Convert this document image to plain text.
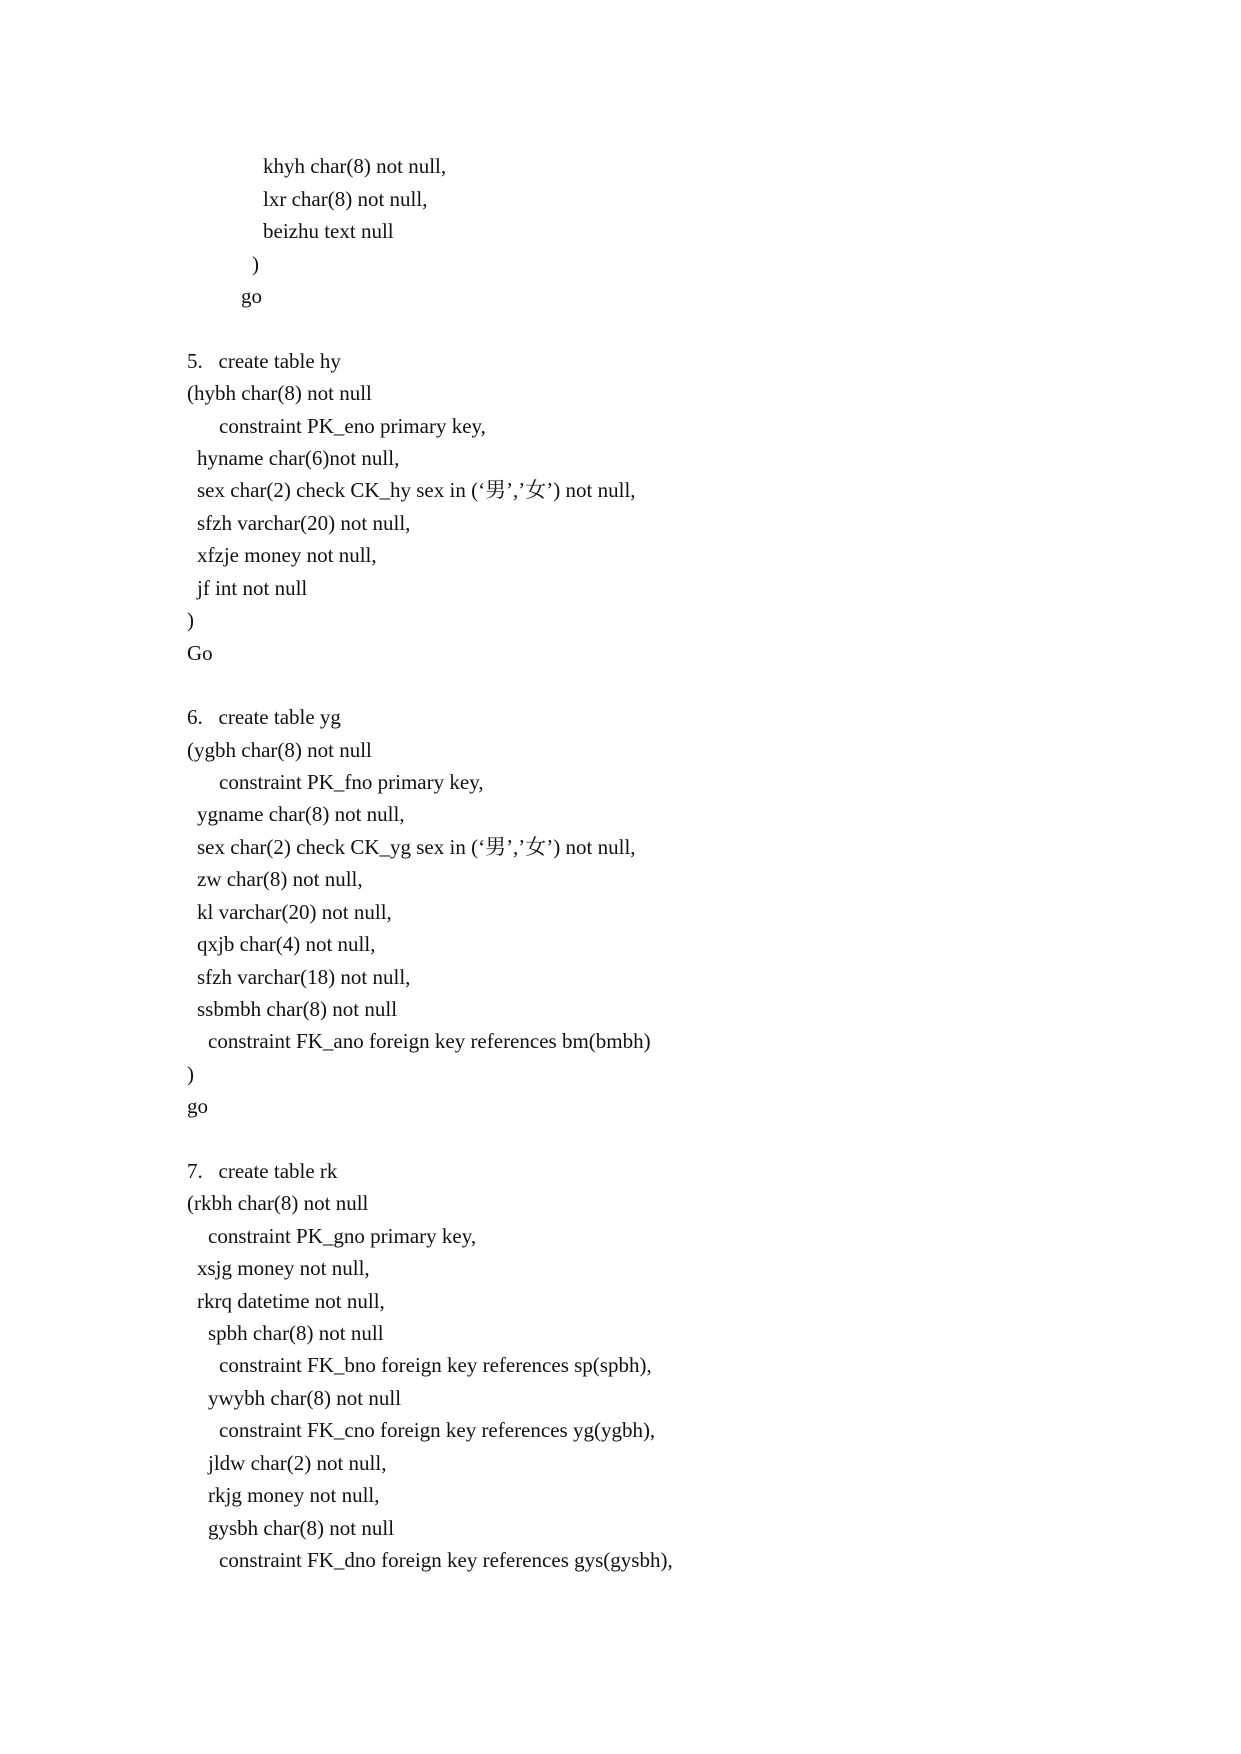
khyh char(8) not null,
lxr char(8) not null,
beizhu text null
)
go
5.   create table hy
(hybh char(8) not null
constraint PK_eno primary key,
hyname char(6)not null,
sex char(2) check CK_hy sex in (‘男’,’女’) not null,
sfzh varchar(20) not null,
xfzje money not null,
jf int not null
)
Go
6.   create table yg
(ygbh char(8) not null
constraint PK_fno primary key,
ygname char(8) not null,
sex char(2) check CK_yg sex in (‘男’,’女’) not null,
zw char(8) not null,
kl varchar(20) not null,
qxjb char(4) not null,
sfzh varchar(18) not null,
ssbmbh char(8) not null
constraint FK_ano foreign key references bm(bmbh)
)
go
7.   create table rk
(rkbh char(8) not null
constraint PK_gno primary key,
xsjg money not null,
rkrq datetime not null,
spbh char(8) not null
constraint FK_bno foreign key references sp(spbh),
ywybh char(8) not null
constraint FK_cno foreign key references yg(ygbh),
jldw char(2) not null,
rkjg money not null,
gysbh char(8) not null
constraint FK_dno foreign key references gys(gysbh),
